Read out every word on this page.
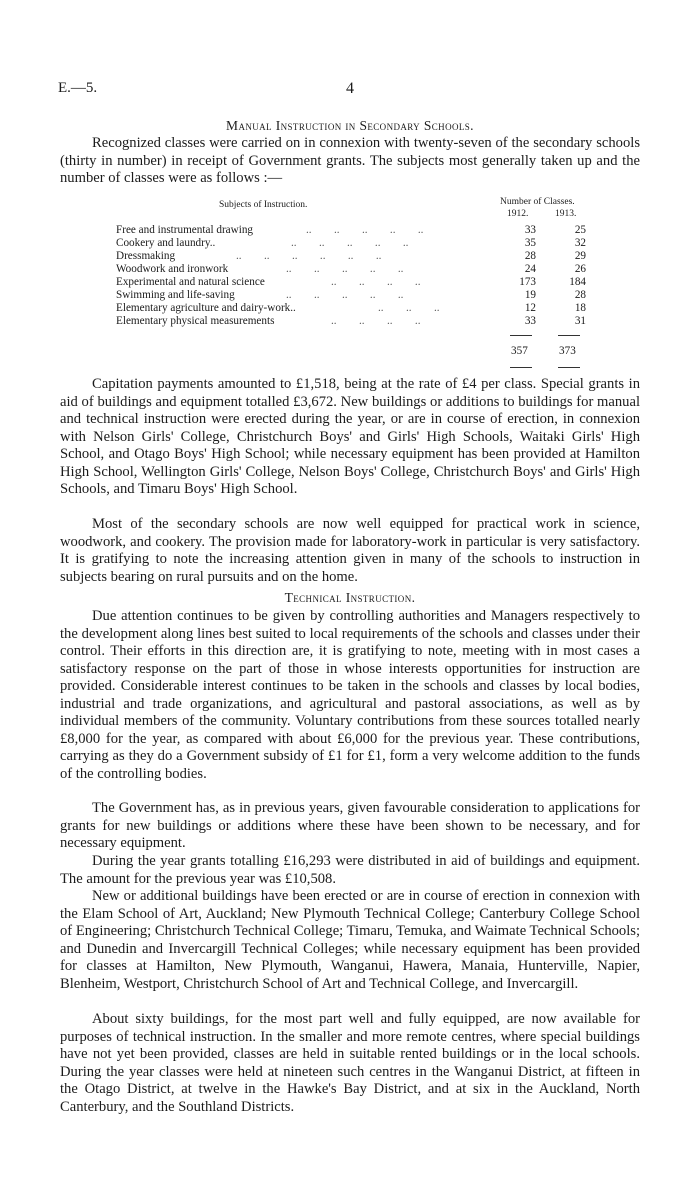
E.—5.	4
Manual Instruction in Secondary Schools.

Recognized classes were carried on in connexion with twenty-seven of the secondary schools (thirty in number) in receipt of Government grants. The subjects most generally taken up and the number of classes were as follows :—

Subjects of Instruction.	Number of Classes.
1912.	1913.
Free and instrumental drawing	..        ..        ..        ..        ..	33	25
Cookery and laundry..	..        ..        ..        ..        ..	35	32
Dressmaking	..        ..        ..        ..        ..        ..	28	29
Woodwork and ironwork	..        ..        ..        ..        ..	24	26
Experimental and natural science	..        ..        ..        ..	173	184
Swimming and life-saving	..        ..        ..        ..        ..	19	28
Elementary agriculture and dairy-work..	..        ..        ..	12	18
Elementary physical measurements	..        ..        ..        ..	33	31
357	373

Capitation payments amounted to £1,518, being at the rate of £4 per class. Special grants in aid of buildings and equipment totalled £3,672. New buildings or additions to buildings for manual and technical instruction were erected during the year, or are in course of erection, in connexion with Nelson Girls' College, Christchurch Boys' and Girls' High Schools, Waitaki Girls' High School, and Otago Boys' High School; while necessary equipment has been provided at Hamilton High School, Wellington Girls' College, Nelson Boys' College, Christchurch Boys' and Girls' High Schools, and Timaru Boys' High School.

Most of the secondary schools are now well equipped for practical work in science, woodwork, and cookery. The provision made for laboratory-work in particular is very satisfactory. It is gratifying to note the increasing attention given in many of the schools to instruction in subjects bearing on rural pursuits and on the home.

Technical Instruction.

Due attention continues to be given by controlling authorities and Managers respectively to the development along lines best suited to local requirements of the schools and classes under their control. Their efforts in this direction are, it is gratifying to note, meeting with in most cases a satisfactory response on the part of those in whose interests opportunities for instruction are provided. Considerable interest continues to be taken in the schools and classes by local bodies, industrial and trade organizations, and agricultural and pastoral associations, as well as by individual members of the community. Voluntary contributions from these sources totalled nearly £8,000 for the year, as compared with about £6,000 for the previous year. These contributions, carrying as they do a Government subsidy of £1 for £1, form a very welcome addition to the funds of the controlling bodies.

The Government has, as in previous years, given favourable consideration to applications for grants for new buildings or additions where these have been shown to be necessary, and for necessary equipment.

During the year grants totalling £16,293 were distributed in aid of buildings and equipment. The amount for the previous year was £10,508.

New or additional buildings have been erected or are in course of erection in connexion with the Elam School of Art, Auckland; New Plymouth Technical College; Canterbury College School of Engineering; Christchurch Technical College; Timaru, Temuka, and Waimate Technical Schools; and Dunedin and Invercargill Technical Colleges; while necessary equipment has been provided for classes at Hamilton, New Plymouth, Wanganui, Hawera, Manaia, Hunterville, Napier, Blenheim, Westport, Christchurch School of Art and Technical College, and Invercargill.

About sixty buildings, for the most part well and fully equipped, are now available for purposes of technical instruction. In the smaller and more remote centres, where special buildings have not yet been provided, classes are held in suitable rented buildings or in the local schools. During the year classes were held at nineteen such centres in the Wanganui District, at fifteen in the Otago District, at twelve in the Hawke's Bay District, and at six in the Auckland, North Canterbury, and the Southland Districts.
